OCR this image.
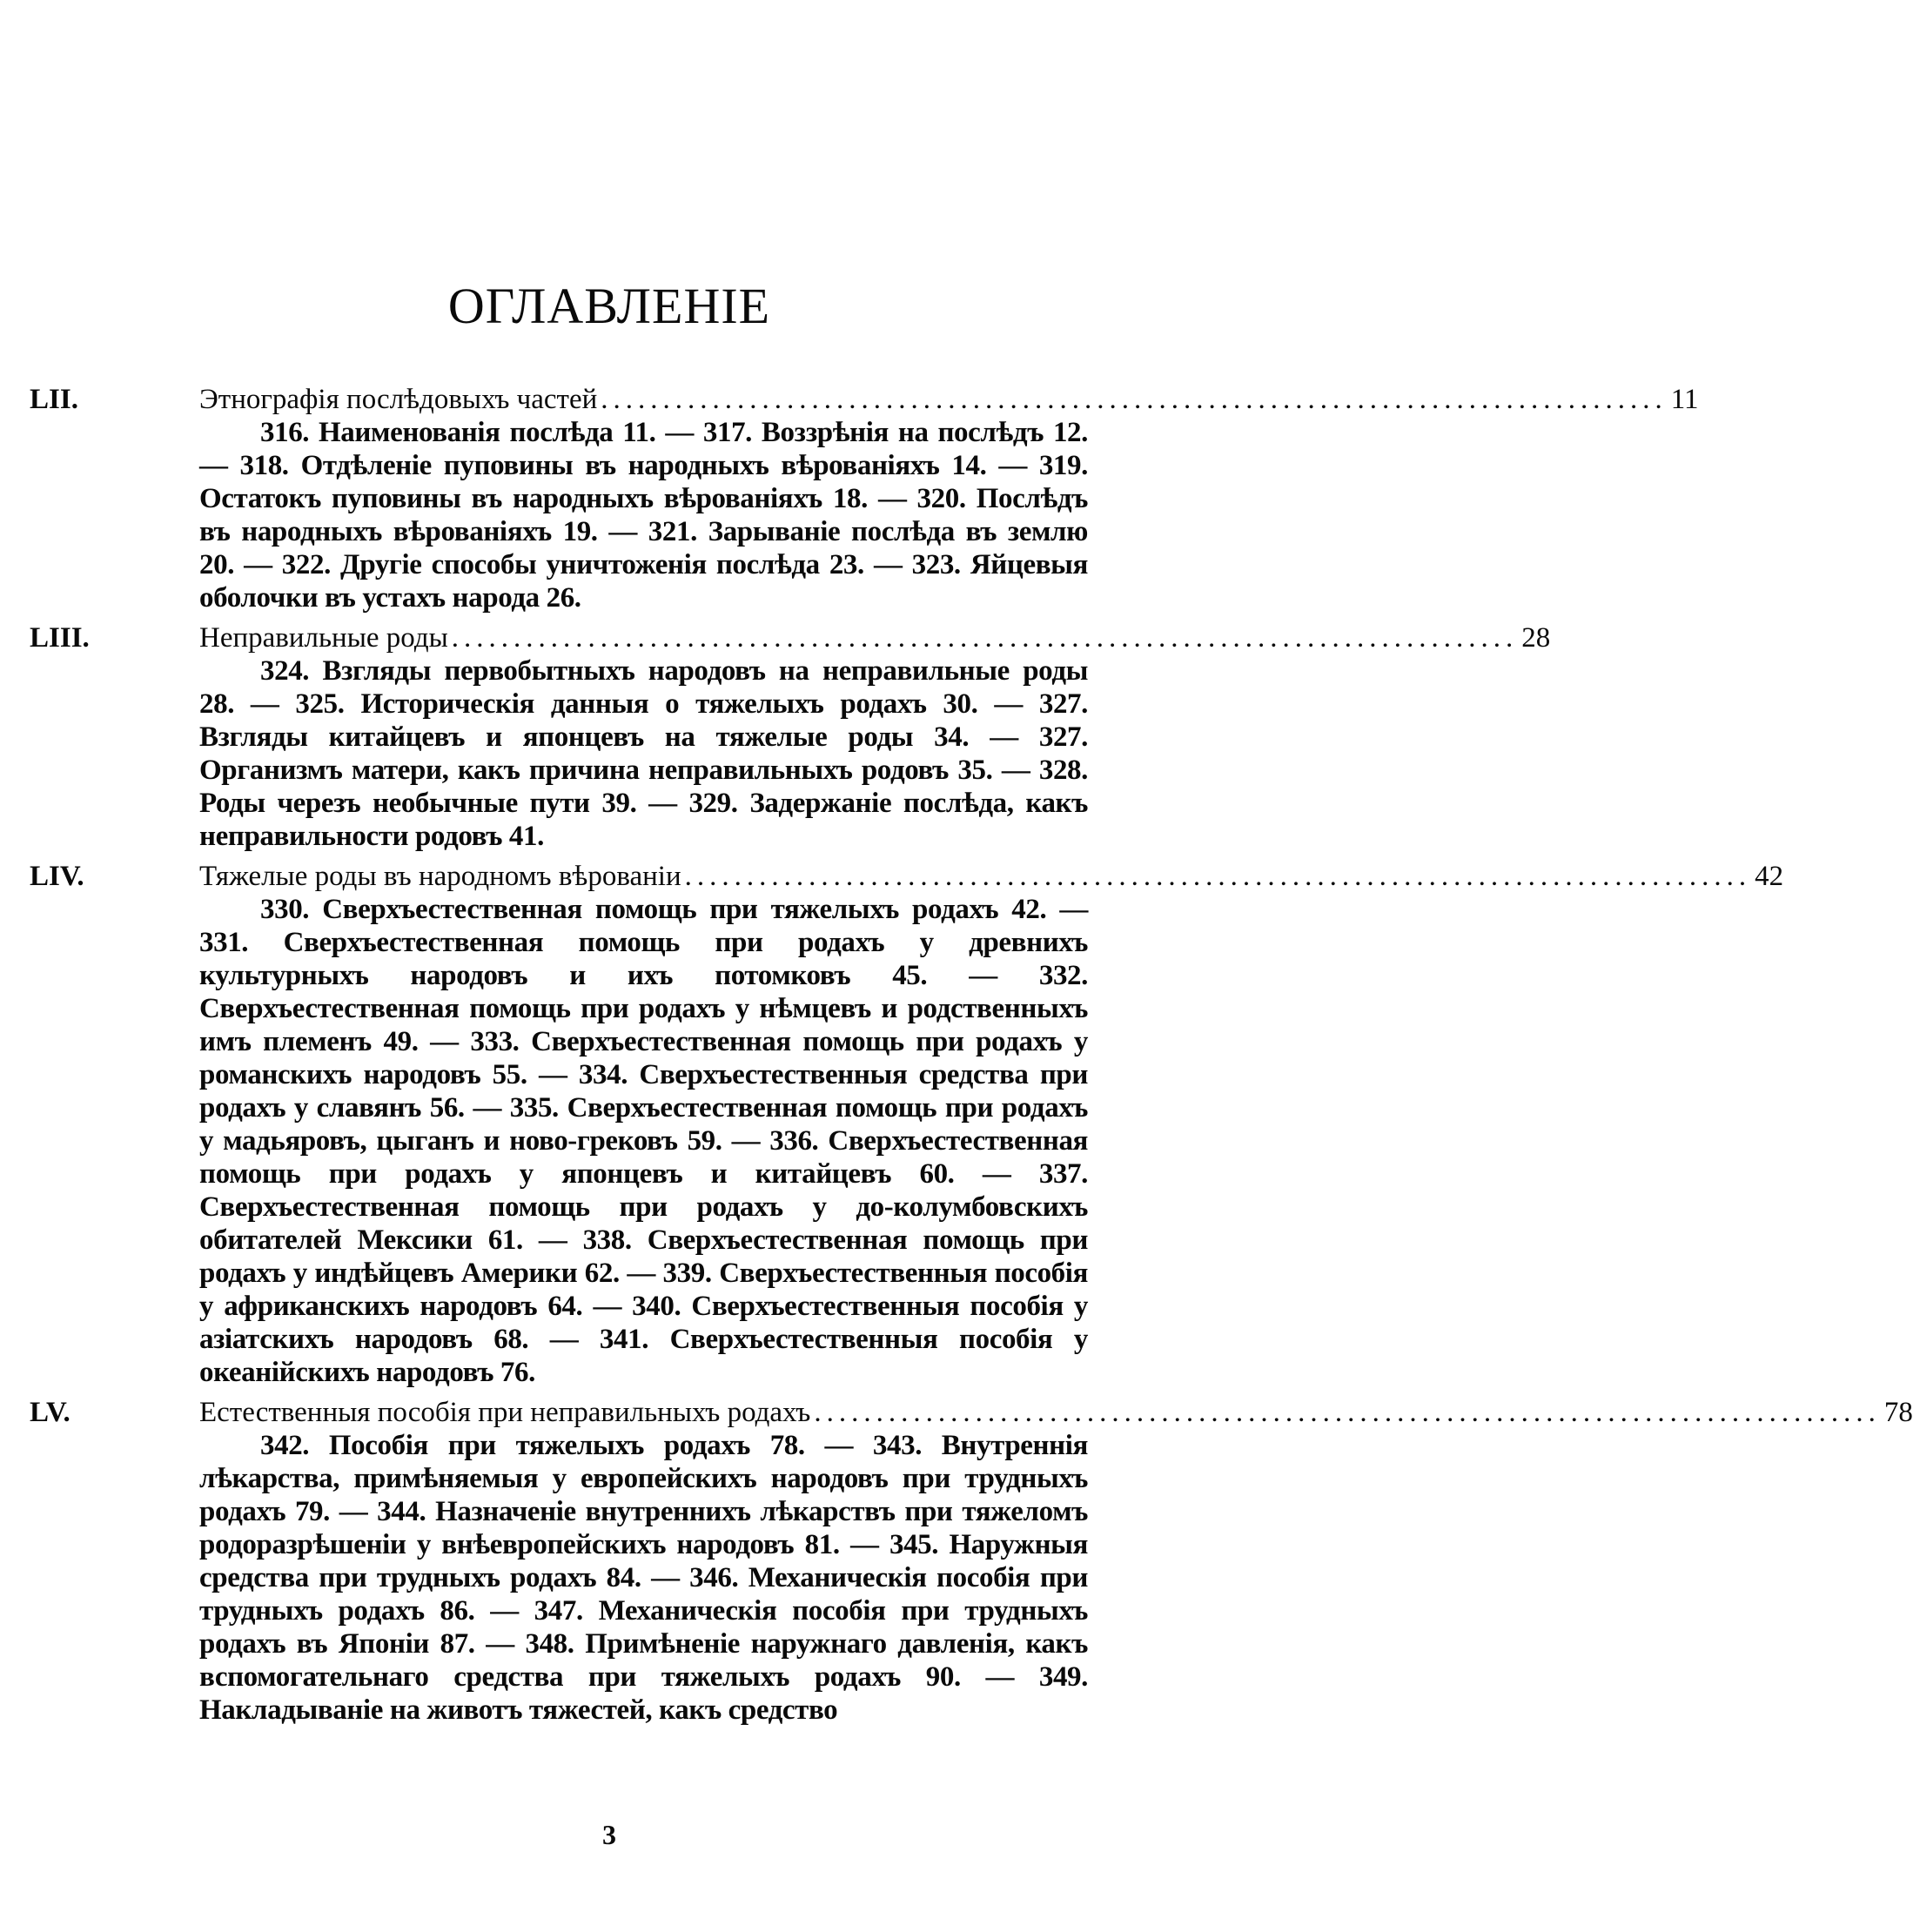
ОГЛАВЛЕНІЕ
LII.	Этнографія послѣдовыхъ частей ...................................................................................... 11
316. Наименованія послѣда 11. — 317. Воззрѣнія на послѣдъ 12. — 318. Отдѣленіе пуповины въ народныхъ вѣрованіяхъ 14. — 319. Остатокъ пуповины въ народныхъ вѣрованіяхъ 18. — 320. Послѣдъ въ народныхъ вѣрованіяхъ 19. — 321. Зарываніе послѣда въ землю 20. — 322. Другіе способы уничтоженія послѣда 23. — 323. Яйцевыя оболочки въ устахъ народа 26.
LIII.	Неправильные роды ...................................................................................... 28
324. Взгляды первобытныхъ народовъ на неправильные роды 28. — 325. Историческія данныя о тяжелыхъ родахъ 30. — 327. Взгляды китайцевъ и японцевъ на тяжелые роды 34. — 327. Организмъ матери, какъ причина неправильныхъ родовъ 35. — 328. Роды черезъ необычные пути 39. — 329. Задержаніе послѣда, какъ неправильности родовъ 41.
LIV.	Тяжелые роды въ народномъ вѣрованіи ...................................................................................... 42
330. Сверхъестественная помощь при тяжелыхъ родахъ 42. — 331. Сверхъестественная помощь при родахъ у древнихъ культурныхъ народовъ и ихъ потомковъ 45. — 332. Сверхъестественная помощь при родахъ у нѣмцевъ и родственныхъ имъ племенъ 49. — 333. Сверхъестественная помощь при родахъ у романскихъ народовъ 55. — 334. Сверхъестественныя средства при родахъ у славянъ 56. — 335. Сверхъестественная помощь при родахъ у мадьяровъ, цыганъ и ново-грековъ 59. — 336. Сверхъестественная помощь при родахъ у японцевъ и китайцевъ 60. — 337. Сверхъестественная помощь при родахъ у до-колумбовскихъ обитателей Мексики 61. — 338. Сверхъестественная помощь при родахъ у индѣйцевъ Америки 62. — 339. Сверхъестественныя пособія у африканскихъ народовъ 64. — 340. Сверхъестественныя пособія у азіатскихъ народовъ 68. — 341. Сверхъестественныя пособія у океанійскихъ народовъ 76.
LV.	Естественныя пособія при неправильныхъ родахъ ...................................................................................... 78
342. Пособія при тяжелыхъ родахъ 78. — 343. Внутреннія лѣкарства, примѣняемыя у европейскихъ народовъ при трудныхъ родахъ 79. — 344. Назначеніе внутреннихъ лѣкарствъ при тяжеломъ родоразрѣшеніи у внѣевропейскихъ народовъ 81. — 345. Наружныя средства при трудныхъ родахъ 84. — 346. Механическія пособія при трудныхъ родахъ 86. — 347. Механическія пособія при трудныхъ родахъ въ Японіи 87. — 348. Примѣненіе наружнаго давленія, какъ вспомогательнаго средства при тяжелыхъ родахъ 90. — 349. Накладываніе на животъ тяжестей, какъ средство
3
